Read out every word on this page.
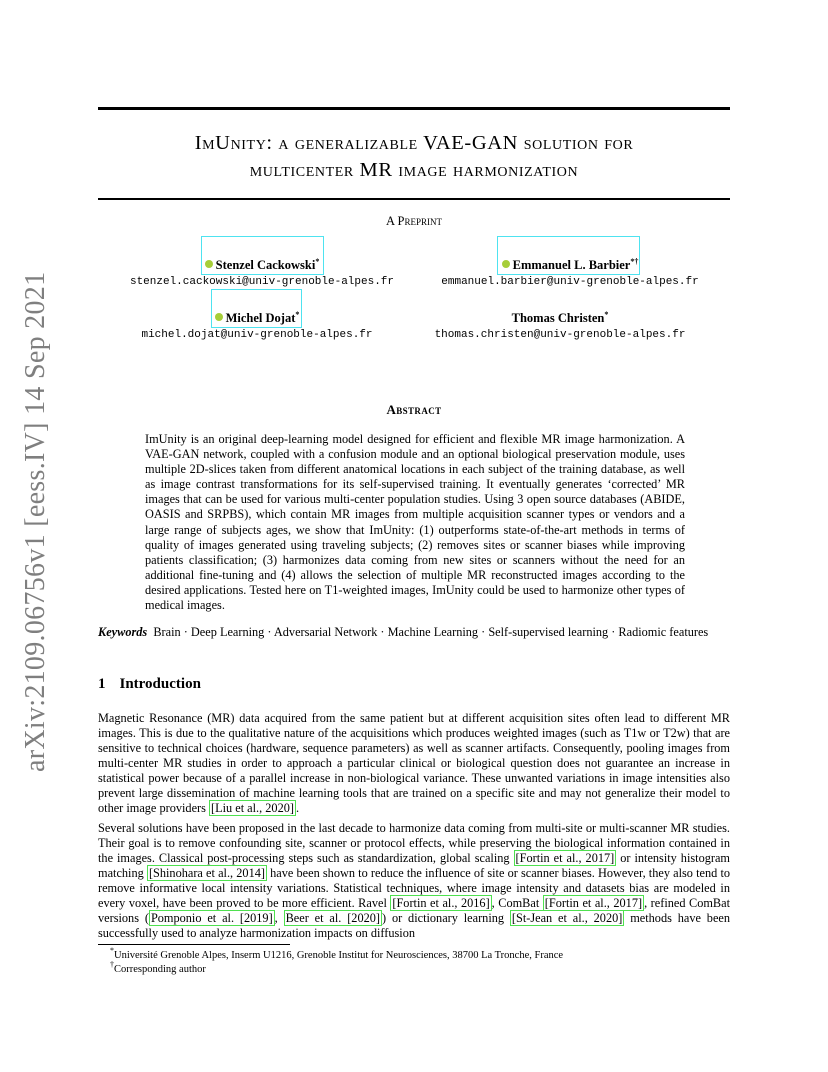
arXiv:2109.06756v1 [eess.IV] 14 Sep 2021
ImUnity: a generalizable VAE-GAN solution for
multicenter MR image harmonization
A Preprint
Stenzel Cackowski*
stenzel.cackowski@univ-grenoble-alpes.fr
Emmanuel L. Barbier*†
emmanuel.barbier@univ-grenoble-alpes.fr
Michel Dojat*
michel.dojat@univ-grenoble-alpes.fr
Thomas Christen*
thomas.christen@univ-grenoble-alpes.fr
Abstract
ImUnity is an original deep-learning model designed for efficient and flexible MR image harmonization. A VAE-GAN network, coupled with a confusion module and an optional biological preservation module, uses multiple 2D-slices taken from different anatomical locations in each subject of the training database, as well as image contrast transformations for its self-supervised training. It eventually generates ‘corrected’ MR images that can be used for various multi-center population studies. Using 3 open source databases (ABIDE, OASIS and SRPBS), which contain MR images from multiple acquisition scanner types or vendors and a large range of subjects ages, we show that ImUnity: (1) outperforms state-of-the-art methods in terms of quality of images generated using traveling subjects; (2) removes sites or scanner biases while improving patients classification; (3) harmonizes data coming from new sites or scanners without the need for an additional fine-tuning and (4) allows the selection of multiple MR reconstructed images according to the desired applications. Tested here on T1-weighted images, ImUnity could be used to harmonize other types of medical images.
Keywords Brain · Deep Learning · Adversarial Network · Machine Learning · Self-supervised learning · Radiomic features
1 Introduction
Magnetic Resonance (MR) data acquired from the same patient but at different acquisition sites often lead to different MR images. This is due to the qualitative nature of the acquisitions which produces weighted images (such as T1w or T2w) that are sensitive to technical choices (hardware, sequence parameters) as well as scanner artifacts. Consequently, pooling images from multi-center MR studies in order to approach a particular clinical or biological question does not guarantee an increase in statistical power because of a parallel increase in non-biological variance. These unwanted variations in image intensities also prevent large dissemination of machine learning tools that are trained on a specific site and may not generalize their model to other image providers [Liu et al., 2020] .
Several solutions have been proposed in the last decade to harmonize data coming from multi-site or multi-scanner MR studies. Their goal is to remove confounding site, scanner or protocol effects, while preserving the biological information contained in the images. Classical post-processing steps such as standardization, global scaling [Fortin et al., 2017] or intensity histogram matching [Shinohara et al., 2014] have been shown to reduce the influence of site or scanner biases. However, they also tend to remove informative local intensity variations. Statistical techniques, where image intensity and datasets bias are modeled in every voxel, have been proved to be more efficient. Ravel [Fortin et al., 2016] , ComBat [Fortin et al., 2017] , refined ComBat versions ( Pomponio et al. [2019] , Beer et al. [2020] ) or dictionary learning [St-Jean et al., 2020] methods have been successfully used to analyze harmonization impacts on diffusion
*Université Grenoble Alpes, Inserm U1216, Grenoble Institut for Neurosciences, 38700 La Tronche, France
†Corresponding author
